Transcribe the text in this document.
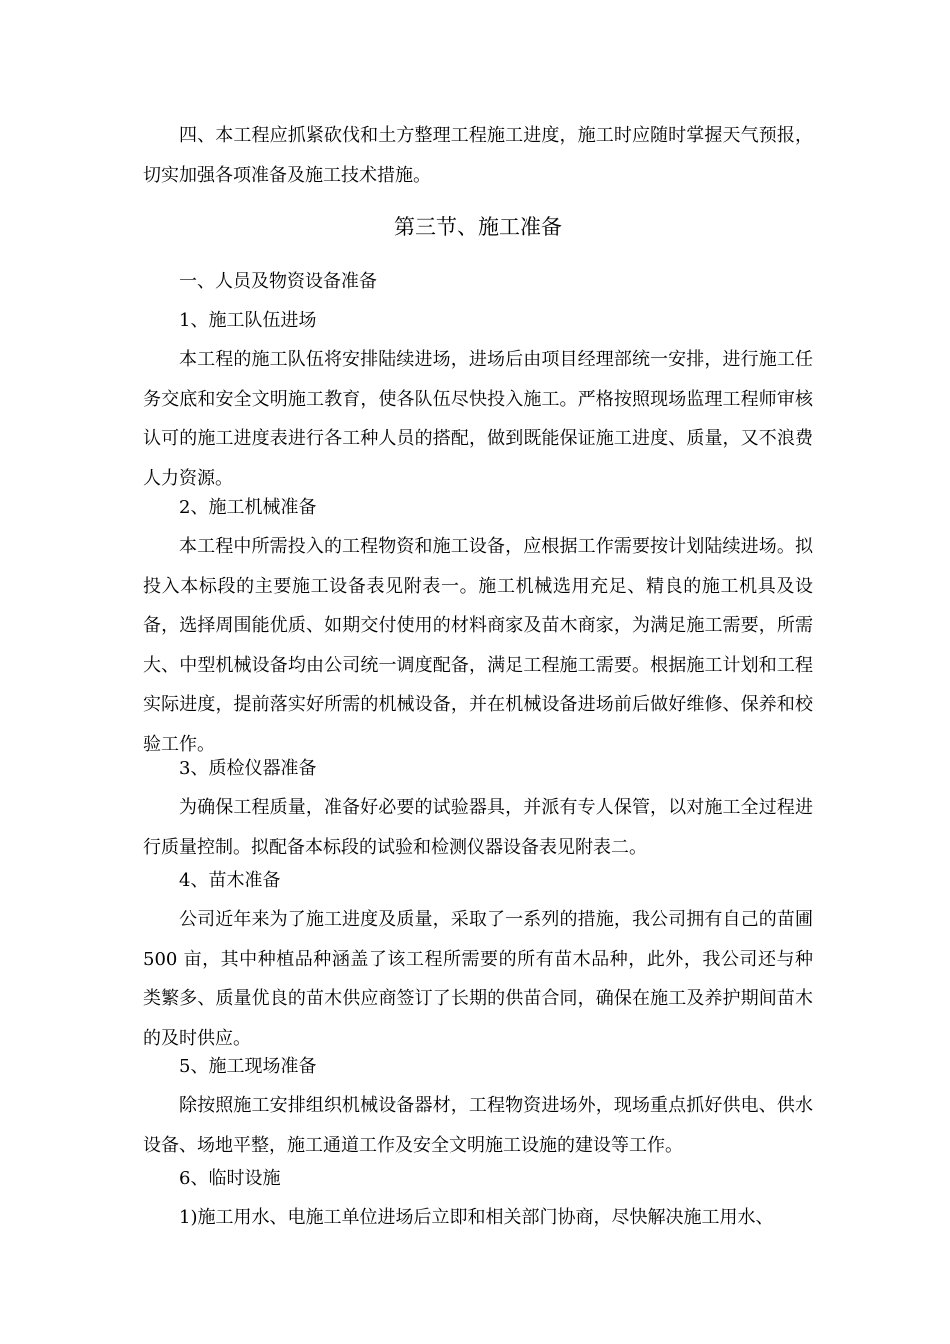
四、本工程应抓紧砍伐和土方整理工程施工进度，施工时应随时掌握天气预报，切实加强各项准备及施工技术措施。

第三节、施工准备

一、人员及物资设备准备

1、施工队伍进场

本工程的施工队伍将安排陆续进场，进场后由项目经理部统一安排，进行施工任务交底和安全文明施工教育，使各队伍尽快投入施工。严格按照现场监理工程师审核认可的施工进度表进行各工种人员的搭配，做到既能保证施工进度、质量，又不浪费人力资源。

2、施工机械准备

本工程中所需投入的工程物资和施工设备，应根据工作需要按计划陆续进场。拟投入本标段的主要施工设备表见附表一。施工机械选用充足、精良的施工机具及设备，选择周围能优质、如期交付使用的材料商家及苗木商家，为满足施工需要，所需大、中型机械设备均由公司统一调度配备，满足工程施工需要。根据施工计划和工程实际进度，提前落实好所需的机械设备，并在机械设备进场前后做好维修、保养和校验工作。

3、质检仪器准备

为确保工程质量，准备好必要的试验器具，并派有专人保管，以对施工全过程进行质量控制。拟配备本标段的试验和检测仪器设备表见附表二。

4、苗木准备

公司近年来为了施工进度及质量，采取了一系列的措施，我公司拥有自己的苗圃 500 亩，其中种植品种涵盖了该工程所需要的所有苗木品种，此外，我公司还与种类繁多、质量优良的苗木供应商签订了长期的供苗合同，确保在施工及养护期间苗木的及时供应。

5、施工现场准备

除按照施工安排组织机械设备器材，工程物资进场外，现场重点抓好供电、供水设备、场地平整，施工通道工作及安全文明施工设施的建设等工作。

6、临时设施

1)施工用水、电施工单位进场后立即和相关部门协商，尽快解决施工用水、
